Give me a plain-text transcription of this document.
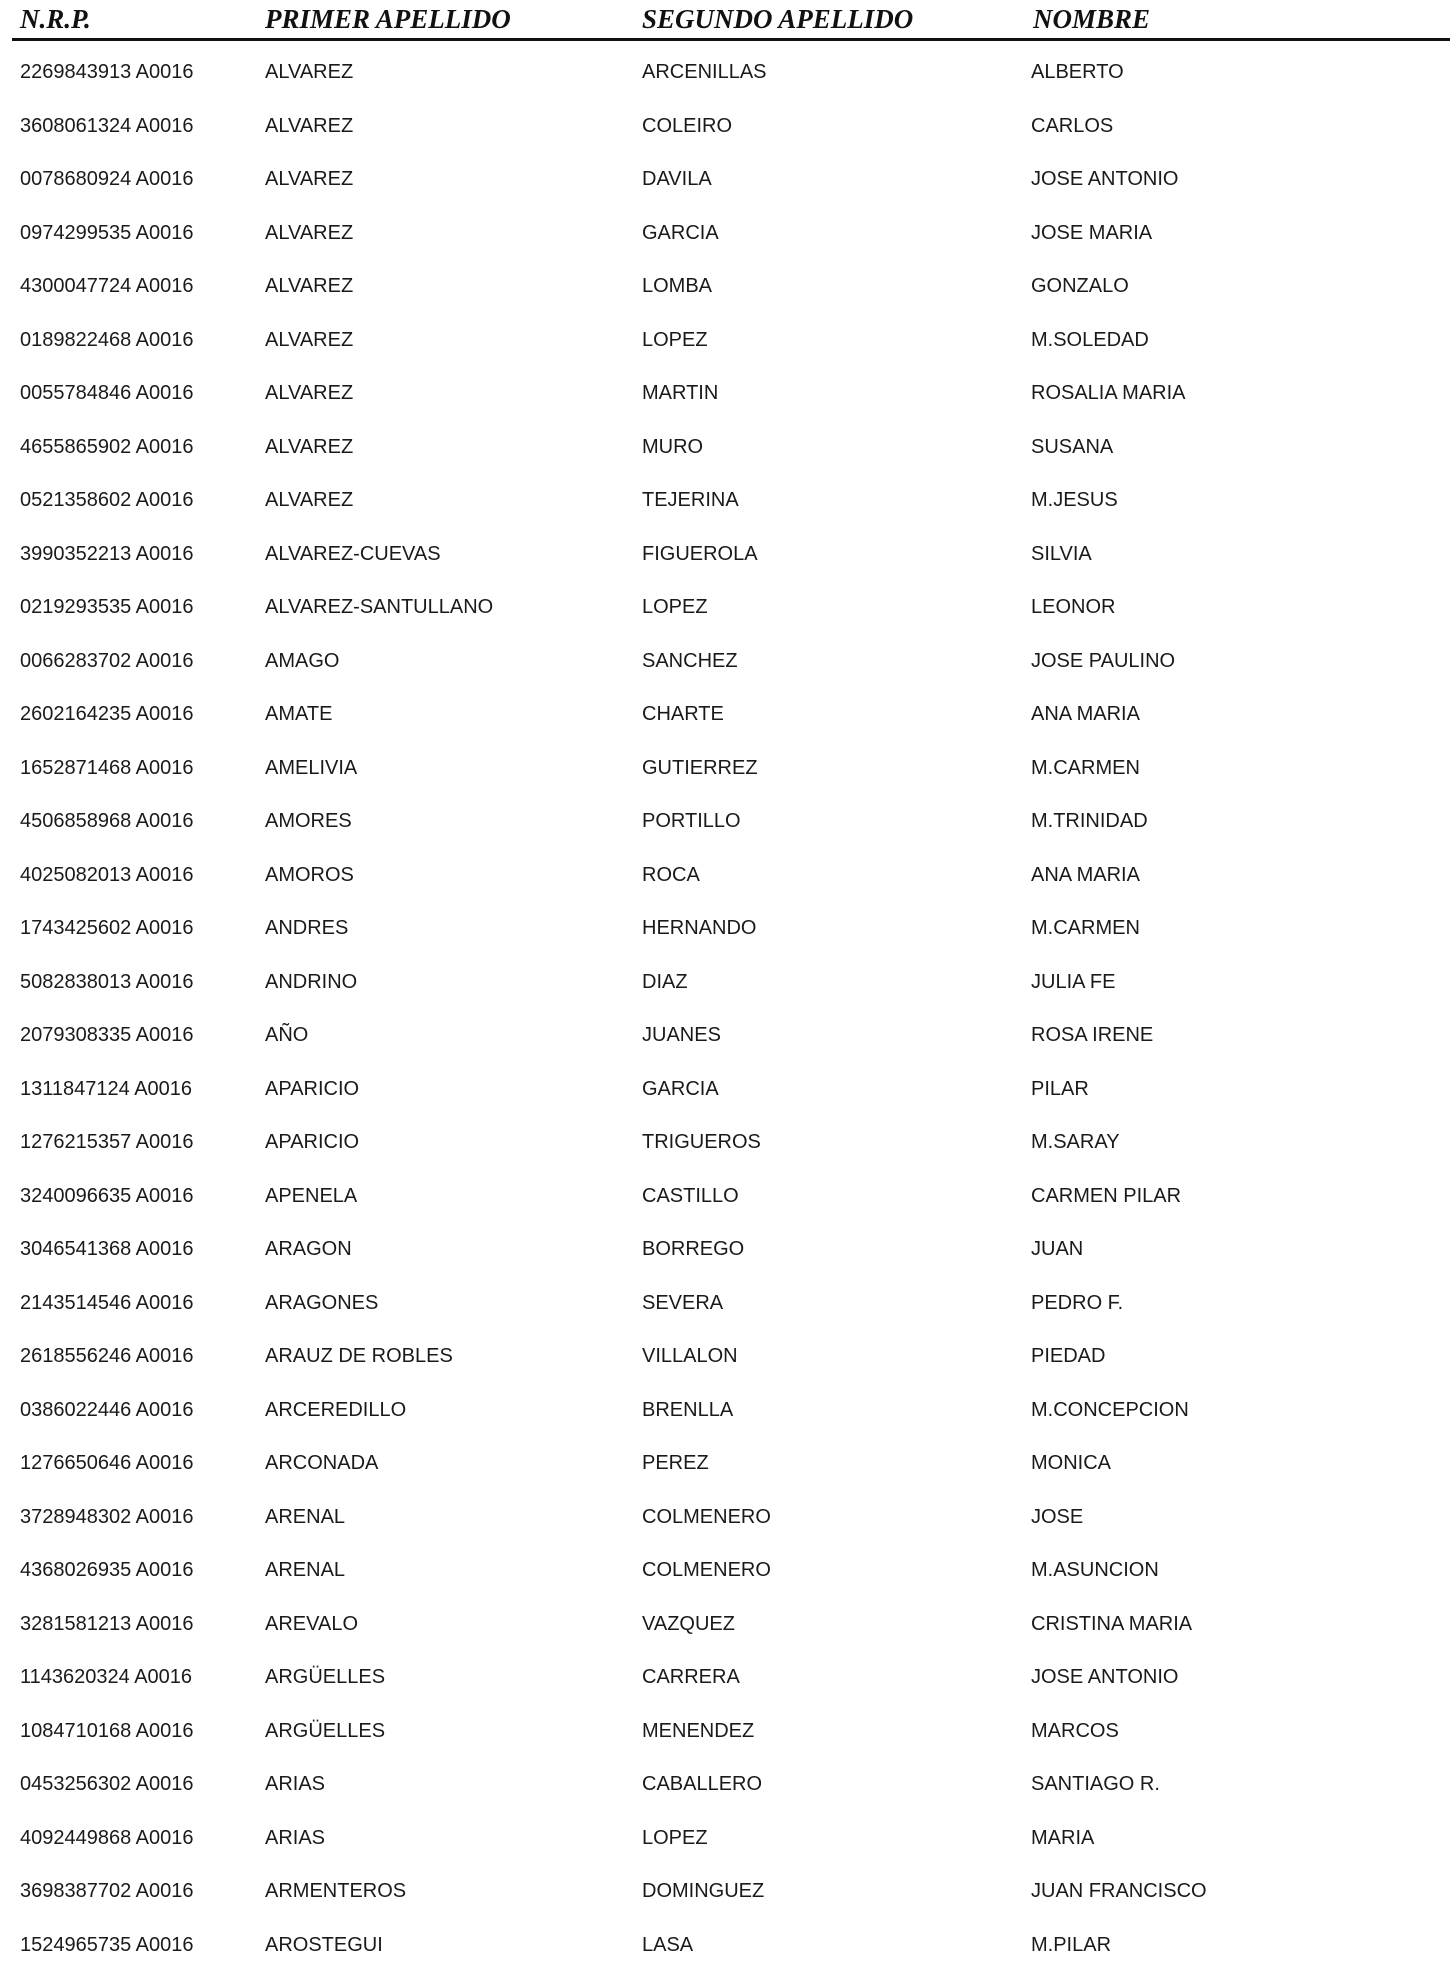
N.R.P.	PRIMER APELLIDO	SEGUNDO APELLIDO	NOMBRE
2269843913 A0016	ALVAREZ	ARCENILLAS	ALBERTO
3608061324 A0016	ALVAREZ	COLEIRO	CARLOS
0078680924 A0016	ALVAREZ	DAVILA	JOSE ANTONIO
0974299535 A0016	ALVAREZ	GARCIA	JOSE MARIA
4300047724 A0016	ALVAREZ	LOMBA	GONZALO
0189822468 A0016	ALVAREZ	LOPEZ	M.SOLEDAD
0055784846 A0016	ALVAREZ	MARTIN	ROSALIA MARIA
4655865902 A0016	ALVAREZ	MURO	SUSANA
0521358602 A0016	ALVAREZ	TEJERINA	M.JESUS
3990352213 A0016	ALVAREZ-CUEVAS	FIGUEROLA	SILVIA
0219293535 A0016	ALVAREZ-SANTULLANO	LOPEZ	LEONOR
0066283702 A0016	AMAGO	SANCHEZ	JOSE PAULINO
2602164235 A0016	AMATE	CHARTE	ANA MARIA
1652871468 A0016	AMELIVIA	GUTIERREZ	M.CARMEN
4506858968 A0016	AMORES	PORTILLO	M.TRINIDAD
4025082013 A0016	AMOROS	ROCA	ANA MARIA
1743425602 A0016	ANDRES	HERNANDO	M.CARMEN
5082838013 A0016	ANDRINO	DIAZ	JULIA FE
2079308335 A0016	AÑO	JUANES	ROSA IRENE
1311847124 A0016	APARICIO	GARCIA	PILAR
1276215357 A0016	APARICIO	TRIGUEROS	M.SARAY
3240096635 A0016	APENELA	CASTILLO	CARMEN PILAR
3046541368 A0016	ARAGON	BORREGO	JUAN
2143514546 A0016	ARAGONES	SEVERA	PEDRO F.
2618556246 A0016	ARAUZ DE ROBLES	VILLALON	PIEDAD
0386022446 A0016	ARCEREDILLO	BRENLLA	M.CONCEPCION
1276650646 A0016	ARCONADA	PEREZ	MONICA
3728948302 A0016	ARENAL	COLMENERO	JOSE
4368026935 A0016	ARENAL	COLMENERO	M.ASUNCION
3281581213 A0016	AREVALO	VAZQUEZ	CRISTINA MARIA
1143620324 A0016	ARGÜELLES	CARRERA	JOSE ANTONIO
1084710168 A0016	ARGÜELLES	MENENDEZ	MARCOS
0453256302 A0016	ARIAS	CABALLERO	SANTIAGO R.
4092449868 A0016	ARIAS	LOPEZ	MARIA
3698387702 A0016	ARMENTEROS	DOMINGUEZ	JUAN FRANCISCO
1524965735 A0016	AROSTEGUI	LASA	M.PILAR
